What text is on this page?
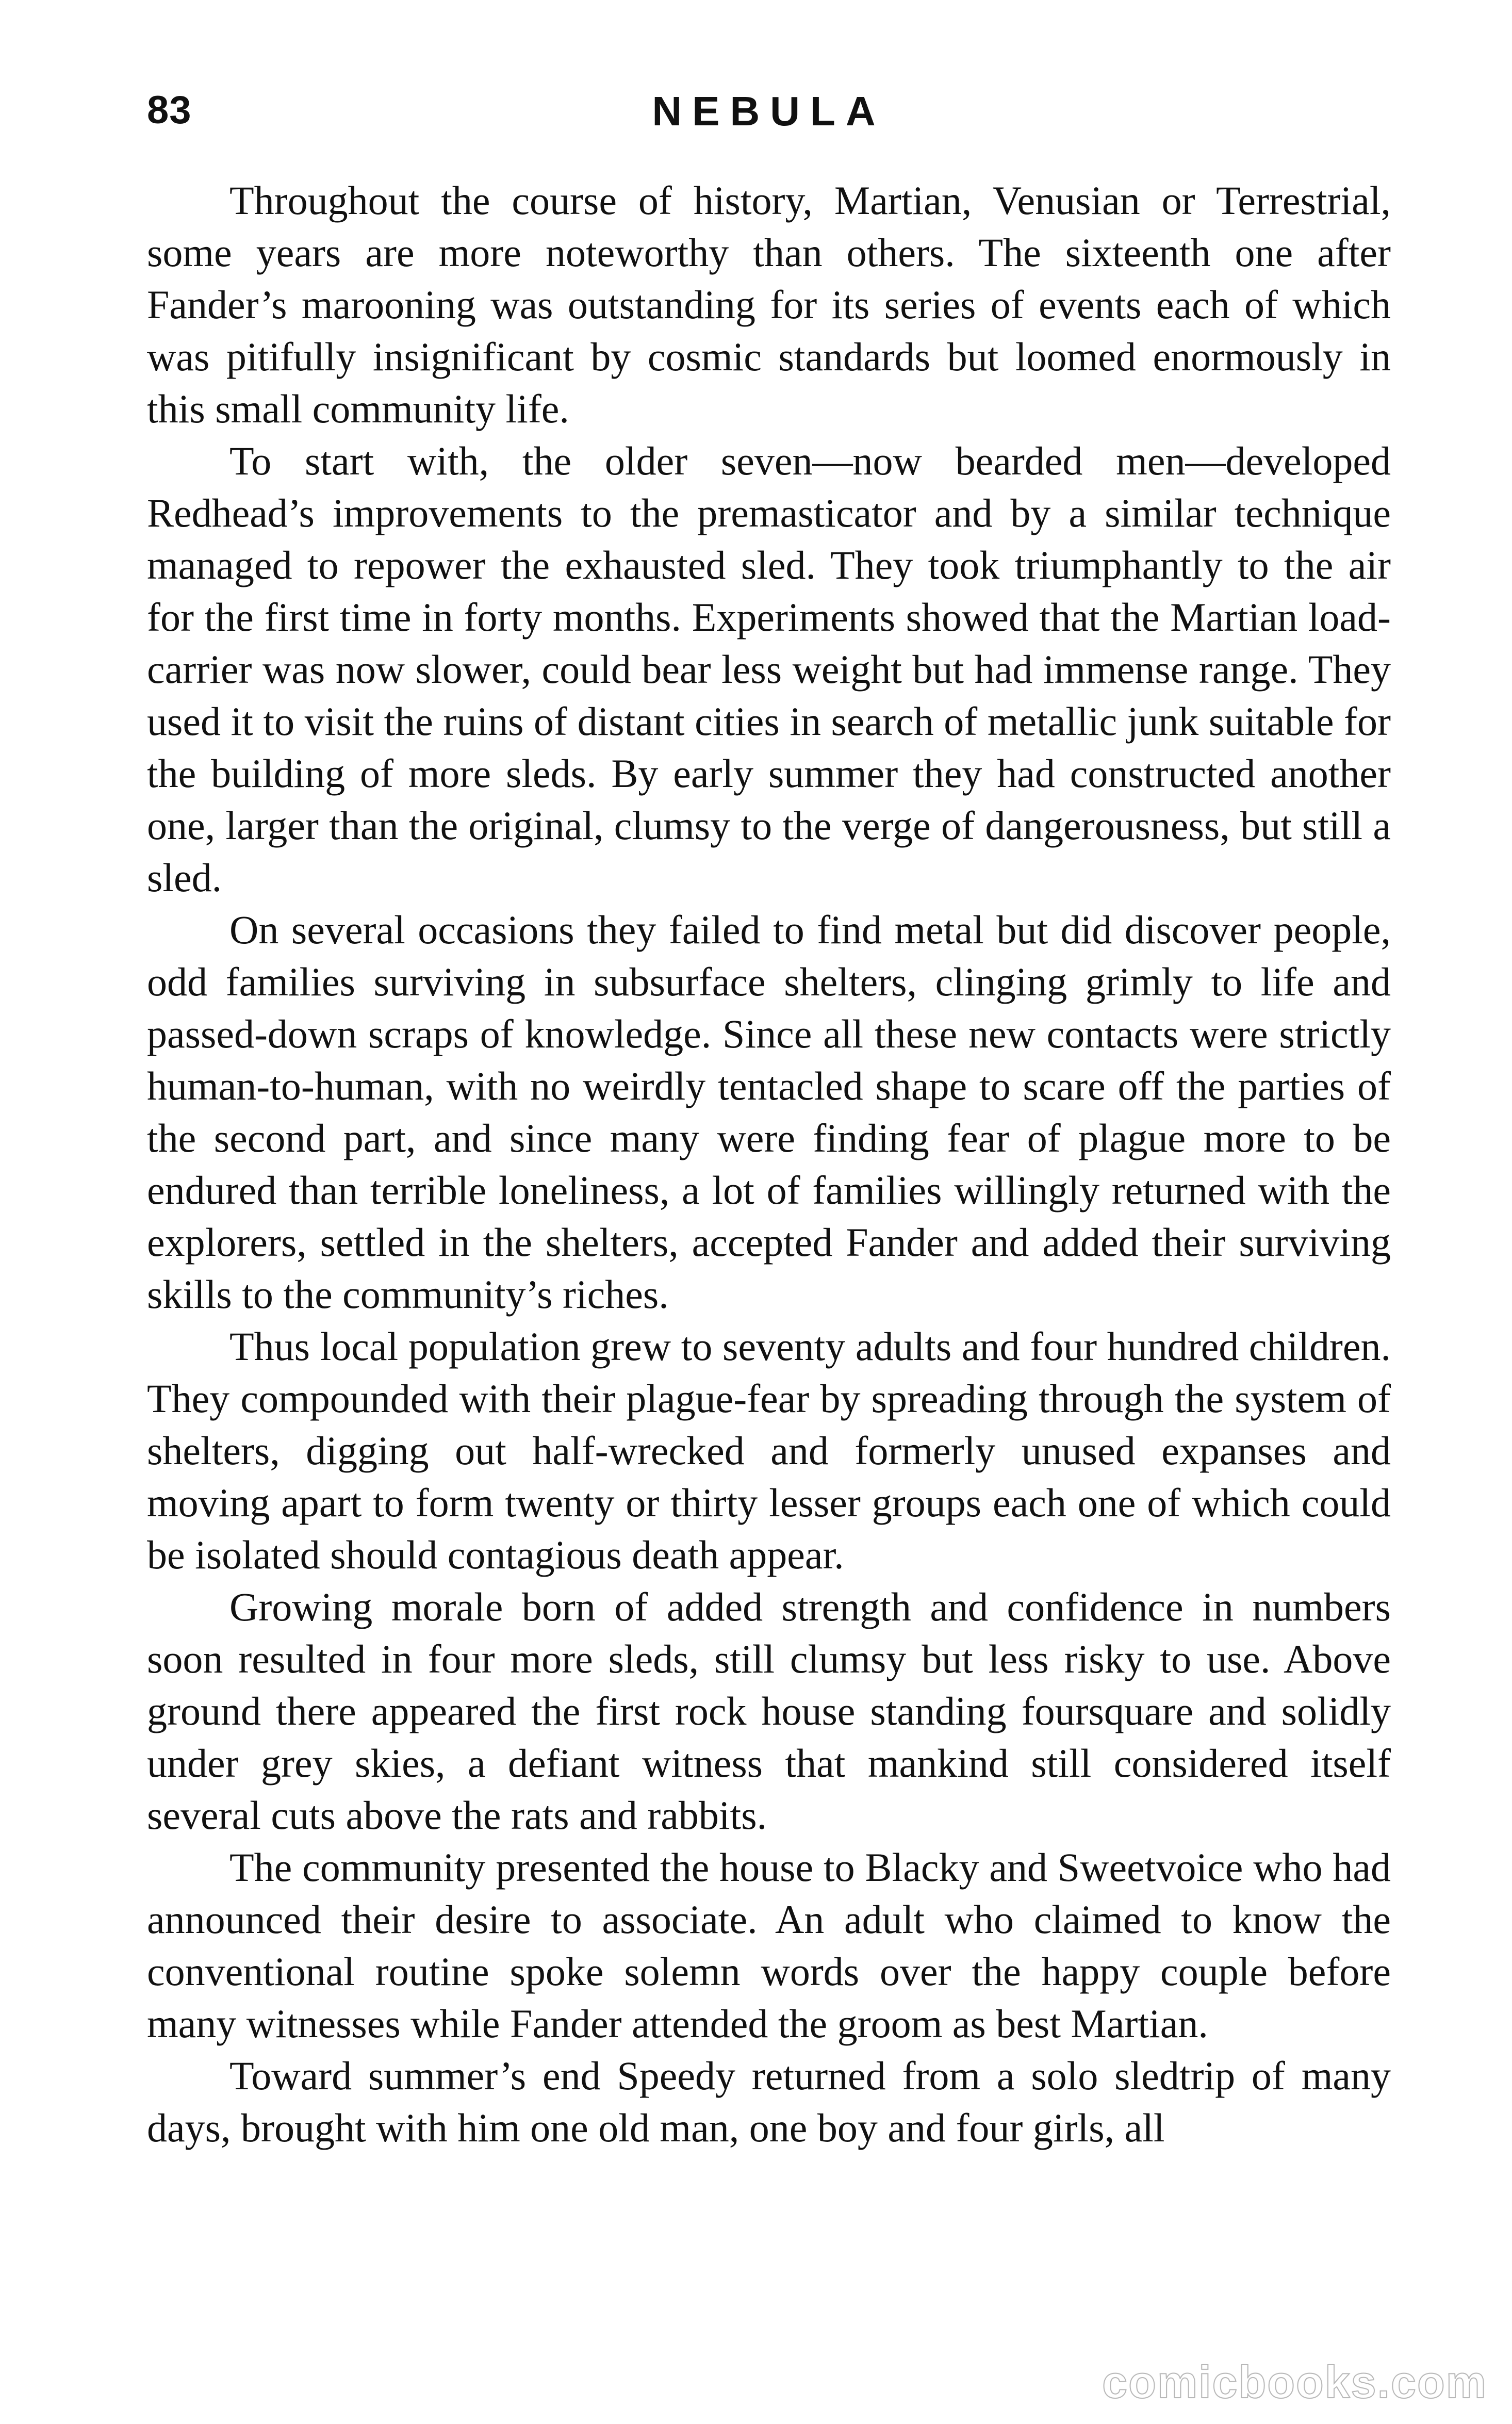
83	NEBULA

Throughout the course of history, Martian, Venusian or Terrestrial, some years are more noteworthy than others. The sixteenth one after Fander’s marooning was outstanding for its series of events each of which was pitifully insignificant by cosmic standards but loomed enormously in this small community life.

To start with, the older seven—now bearded men—developed Redhead’s improvements to the premasticator and by a similar technique managed to repower the exhausted sled. They took triumphantly to the air for the first time in forty months. Experiments showed that the Martian load-carrier was now slower, could bear less weight but had immense range. They used it to visit the ruins of distant cities in search of metallic junk suitable for the building of more sleds. By early summer they had constructed another one, larger than the original, clumsy to the verge of dangerousness, but still a sled.

On several occasions they failed to find metal but did discover people, odd families surviving in subsurface shelters, clinging grimly to life and passed-down scraps of knowledge. Since all these new contacts were strictly human-to-human, with no weirdly tentacled shape to scare off the parties of the second part, and since many were finding fear of plague more to be endured than terrible loneliness, a lot of families willingly returned with the explorers, settled in the shelters, accepted Fander and added their surviving skills to the community’s riches.

Thus local population grew to seventy adults and four hundred children. They compounded with their plague-fear by spreading through the system of shelters, digging out half-wrecked and formerly unused expanses and moving apart to form twenty or thirty lesser groups each one of which could be isolated should contagious death appear.

Growing morale born of added strength and confidence in numbers soon resulted in four more sleds, still clumsy but less risky to use. Above ground there appeared the first rock house standing foursquare and solidly under grey skies, a defiant witness that mankind still considered itself several cuts above the rats and rabbits.

The community presented the house to Blacky and Sweetvoice who had announced their desire to associate. An adult who claimed to know the conventional routine spoke solemn words over the happy couple before many witnesses while Fander attended the groom as best Martian.

Toward summer’s end Speedy returned from a solo sledtrip of many days, brought with him one old man, one boy and four girls, all

comicbooks.com
